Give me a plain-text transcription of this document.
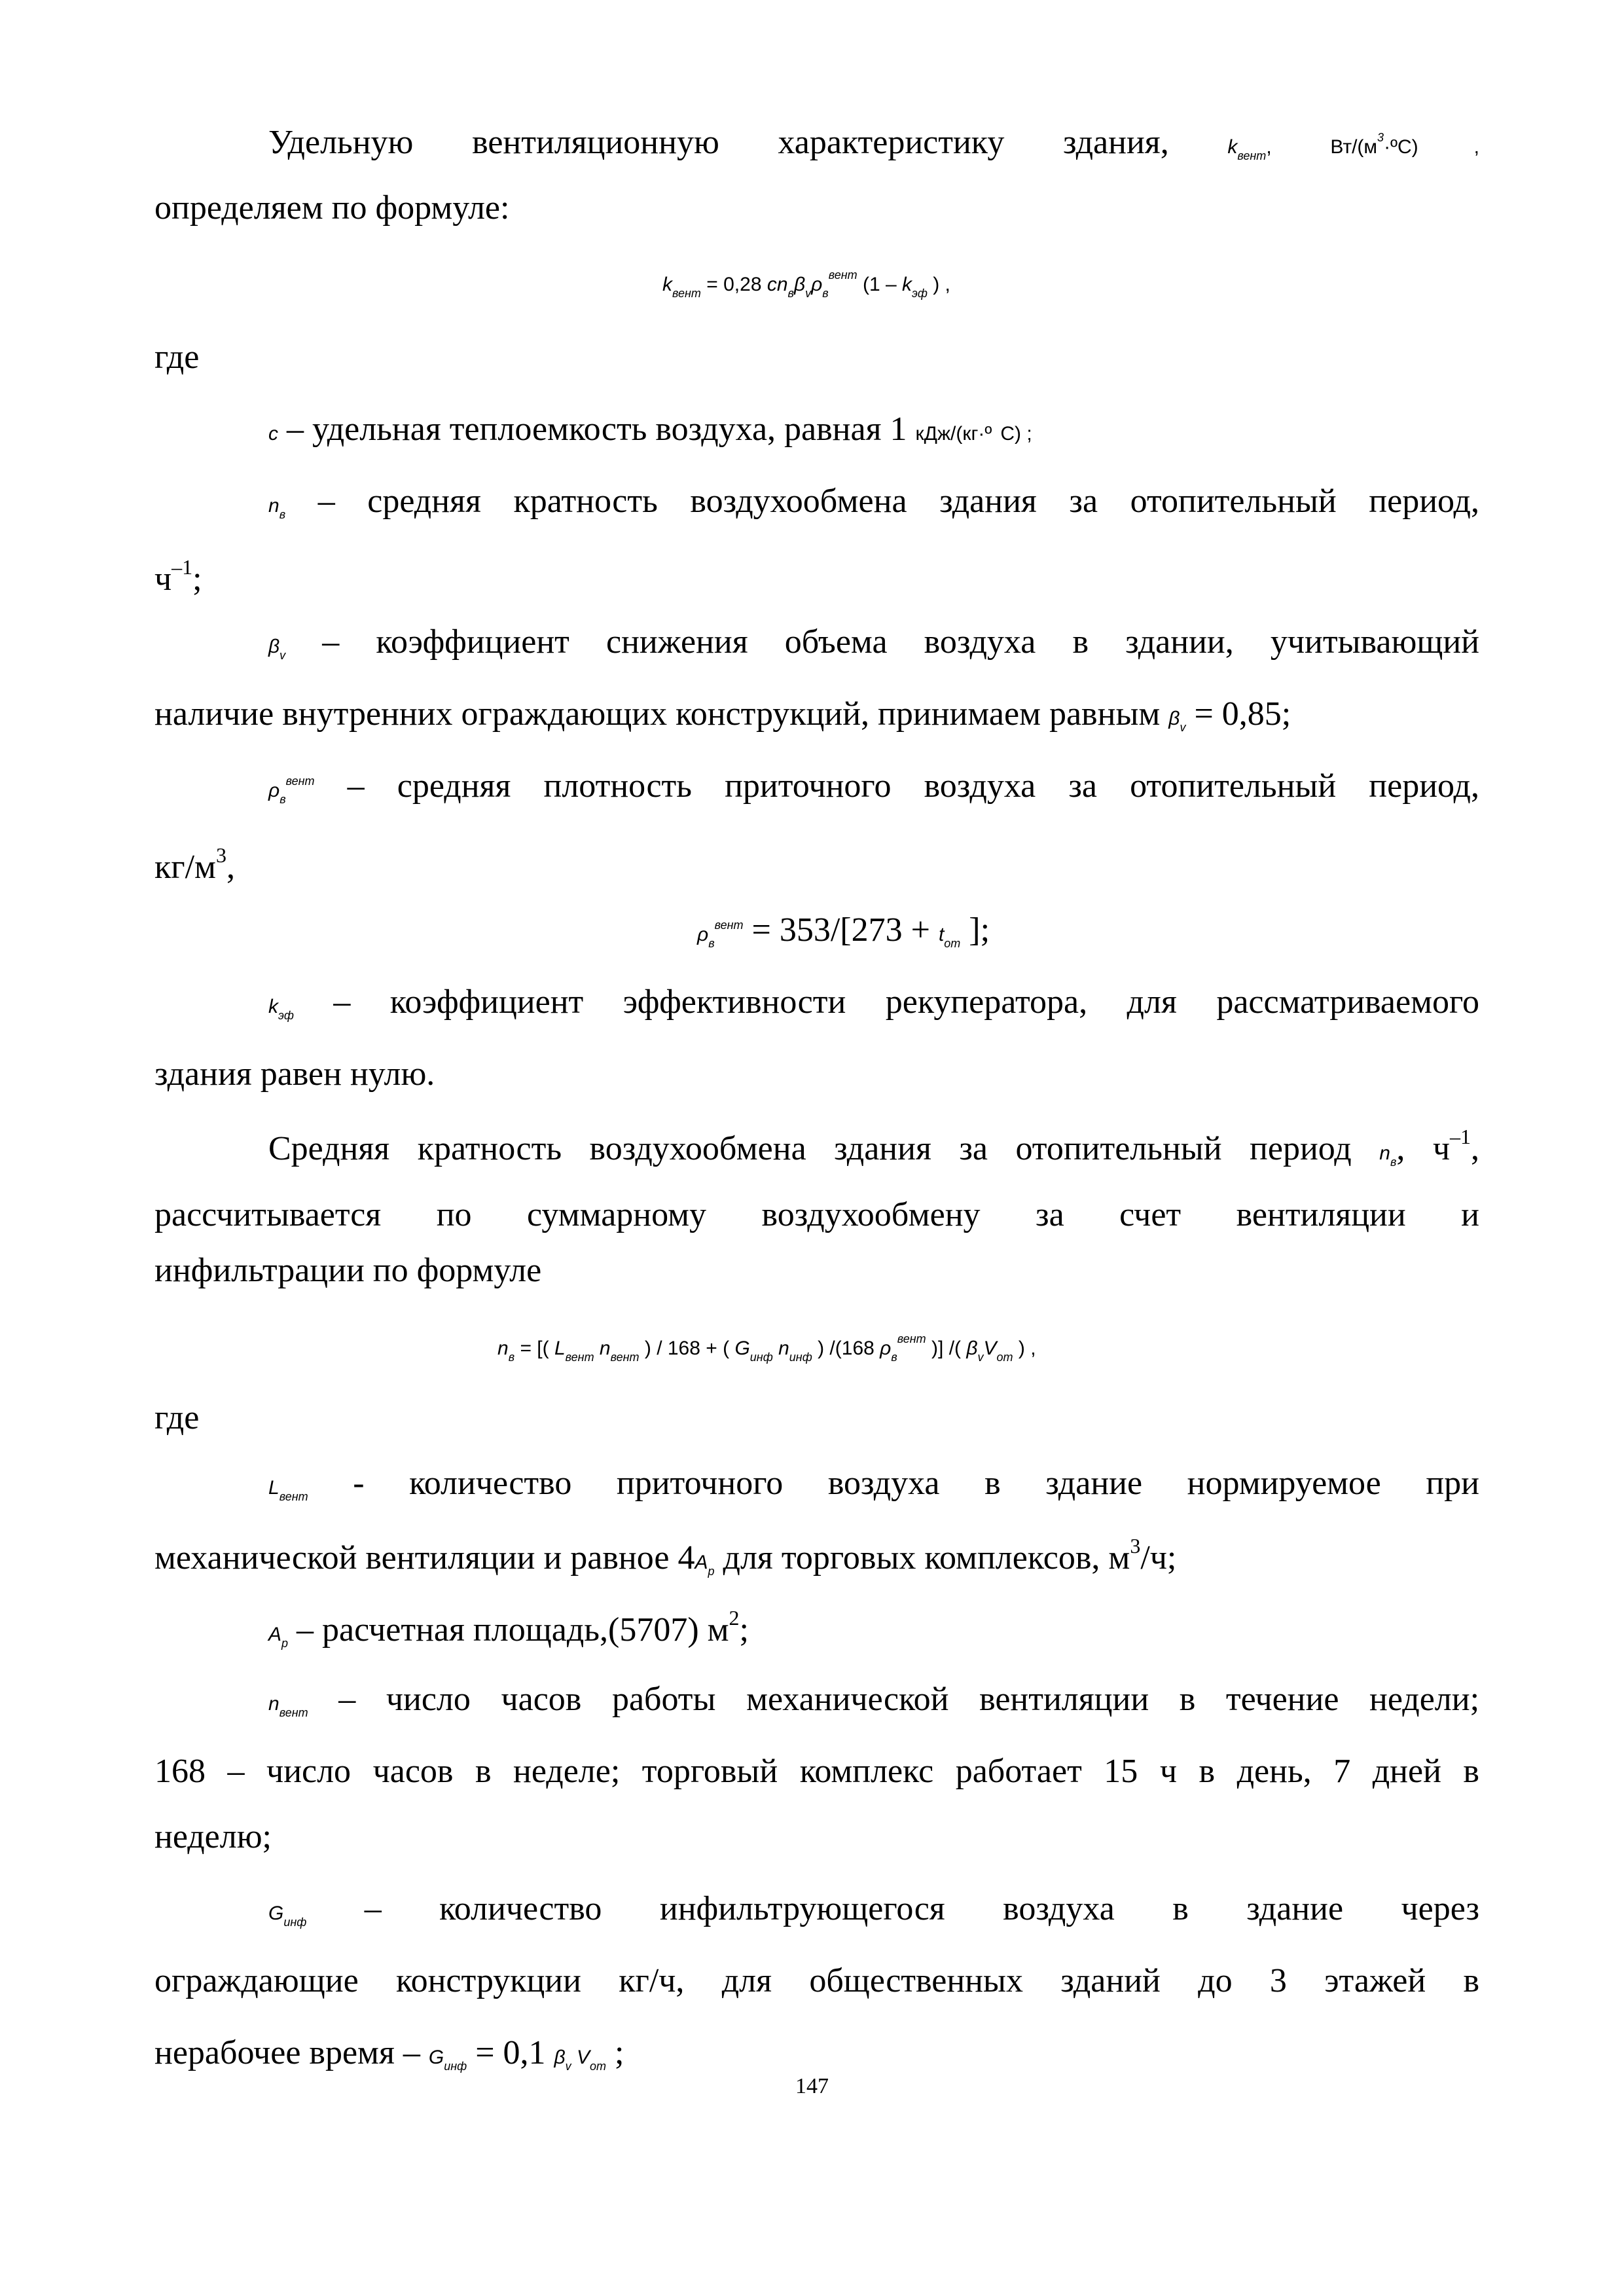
Удельную вентиляционную характеристику здания,	$k_{вент}$,	$Вт/(м^3\cdot ºС)$ ,
определяем по формуле:
$k_{вент} = 0,28$ $cn_в\beta_v\rho_в^{вент}$ ($1 - k_{эф}$ ) ,
где
c – удельная теплоемкость воздуха, равная 1 кДж/(кг·º С) ;
$n_в$ – средняя кратность воздухообмена здания за отопительный период,
$ч^{-1}$;
$\beta_v$ – коэффициент снижения объема воздуха в здании, учитывающий
наличие внутренних ограждающих конструкций, принимаем равным $\beta_v = 0,85$;
$\rho_в^{вент}$ – средняя плотность приточного воздуха за отопительный период,
$кг/м^3$,
$\rho_в^{вент} = 353/[273 + t_{от}$ ];
$k_{эф}$ – коэффициент эффективности рекуператора, для рассматриваемого
здания равен нулю.
Средняя кратность воздухообмена здания за отопительный период $n_в$, $ч^{-1}$,
рассчитывается по суммарному воздухообмену за счет вентиляции и
инфильтрации по формуле
$n_в$ = [( $L_{вент}$ $n_{вент}$ ) / 168 + ( $G_{инф}$ $n_{инф}$ ) /(168 $\rho_в^{вент}$ )] /( $\beta_vV_{от}$ ) ,
где
$L_{вент}$ - количество приточного воздуха в здание нормируемое при
механической вентиляции и равное $4A_р$ для торговых комплексов, $м^3/ч$;
$A_р$ – расчетная площадь,(5707) $м^2$;
$n_{вент}$ – число часов работы механической вентиляции в течение недели;
168 – число часов в неделе; торговый комплекс работает 15 ч в день, 7 дней в
неделю;
$G_{инф}$ – количество инфильтрующегося воздуха в здание через
ограждающие конструкции кг/ч, для общественных зданий до 3 этажей в
нерабочее время – $G_{инф} = 0,1$ $\beta_v$ $V_{от}$ ;
147
